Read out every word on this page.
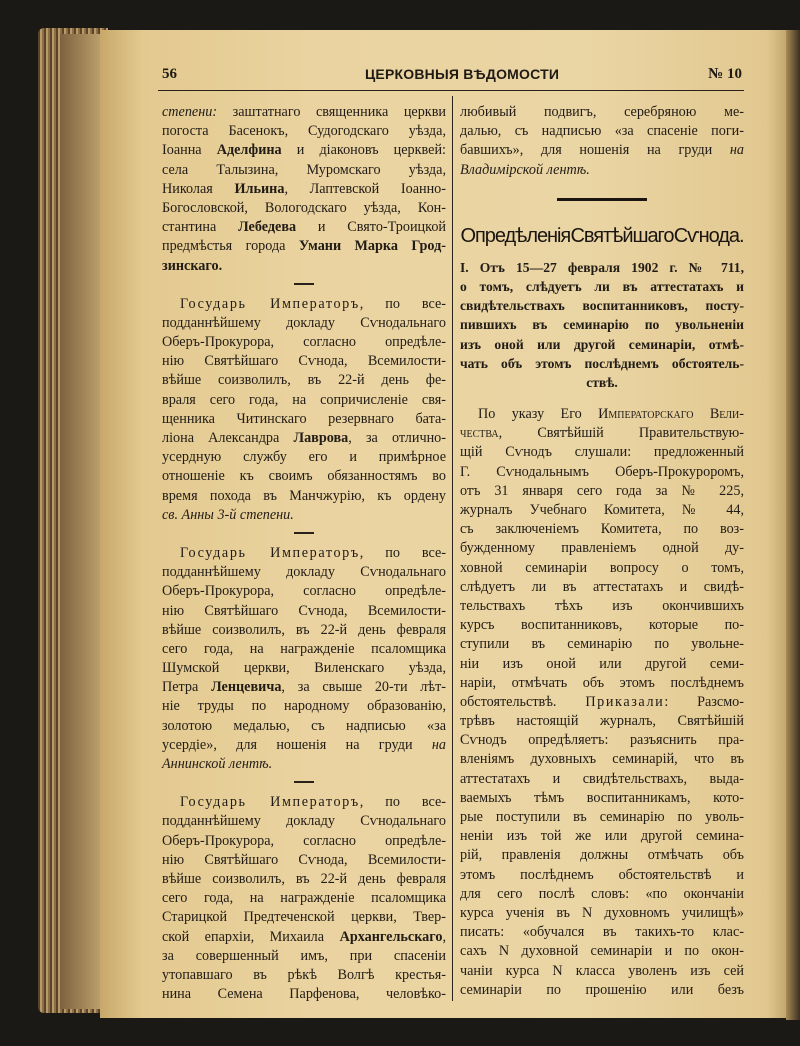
56	ЦЕРКОВНЫЯ ВѢДОМОСТИ	№ 10
степени: заштатнаго священника церкви
погоста Басенокъ, Судогодскаго уѣзда,
Іоанна Аделфина и діаконовъ церквей:
села Талызина, Муромскаго уѣзда,
Николая Ильина, Лаптевской Іоанно-
Богословской, Вологодскаго уѣзда, Кон-
стантина Лебедева и Свято-Троицкой
предмѣстья города Умани Марка Грод-
зинскаго.
Государь Императоръ, по все-
подданнѣйшему докладу Сѵнодальнаго
Оберъ-Прокурора, согласно опредѣле-
нію Святѣйшаго Сѵнода, Всемилости-
вѣйше соизволилъ, въ 22-й день фе-
враля сего года, на сопричисленіе свя-
щенника Читинскаго резервнаго бата-
ліона Александра Лаврова, за отлично-
усердную службу его и примѣрное
отношеніе къ своимъ обязанностямъ во
время похода въ Манчжурію, къ ордену
св. Анны 3-й степени.
Государь Императоръ, по все-
подданнѣйшему докладу Сѵнодальнаго
Оберъ-Прокурора, согласно опредѣле-
нію Святѣйшаго Сѵнода, Всемилости-
вѣйше соизволилъ, въ 22-й день февраля
сего года, на награжденіе псаломщика
Шумской церкви, Виленскаго уѣзда,
Петра Ленцевича, за свыше 20-ти лѣт-
ніе труды по народному образованію,
золотою медалью, съ надписью «за
усердіе», для ношенія на груди на
Аннинской лентѣ.
Государь Императоръ, по все-
подданнѣйшему докладу Сѵнодальнаго
Оберъ-Прокурора, согласно опредѣле-
нію Святѣйшаго Сѵнода, Всемилости-
вѣйше соизволилъ, въ 22-й день февраля
сего года, на награжденіе псаломщика
Старицкой Предтеченской церкви, Твер-
ской епархіи, Михаила Архангельскаго,
за совершенный имъ, при спасеніи
утопавшаго въ рѣкѣ Волгѣ крестья-
нина Семена Парфенова, человѣко-
любивый подвигъ, серебряною ме-
далью, съ надписью «за спасеніе поги-
бавшихъ», для ношенія на груди на
Владимірской лентѣ.
Опредѣленія Святѣйшаго Сѵнода.
I. Отъ 15—27 февраля 1902 г. № 711,
о томъ, слѣдуетъ ли въ аттестатахъ и
свидѣтельствахъ воспитанниковъ, посту-
пившихъ въ семинарію по увольненіи
изъ оной или другой семинаріи, отмѣ-
чать объ этомъ послѣднемъ обстоятель-
ствѣ.
По указу Его Императорскаго Вели-
чества, Святѣйшій Правительствую-
щій Сѵнодъ слушали: предложенный
Г. Сѵнодальнымъ Оберъ-Прокуроромъ,
отъ 31 января сего года за № 225,
журналъ Учебнаго Комитета, № 44,
съ заключеніемъ Комитета, по воз-
бужденному правленіемъ одной ду-
ховной семинаріи вопросу о томъ,
слѣдуетъ ли въ аттестатахъ и свидѣ-
тельствахъ тѣхъ изъ окончившихъ
курсъ воспитанниковъ, которые по-
ступили въ семинарію по увольне-
ніи изъ оной или другой семи-
наріи, отмѣчать объ этомъ послѣднемъ
обстоятельствѣ. Приказали: Разсмо-
трѣвъ настоящій журналъ, Святѣйшій
Сѵнодъ опредѣляетъ: разъяснить пра-
вленіямъ духовныхъ семинарій, что въ
аттестатахъ и свидѣтельствахъ, выда-
ваемыхъ тѣмъ воспитанникамъ, кото-
рые поступили въ семинарію по уволь-
неніи изъ той же или другой семина-
рій, правленія должны отмѣчать объ
этомъ послѣднемъ обстоятельствѣ и
для сего послѣ словъ: «по окончаніи
курса ученія въ N духовномъ училищѣ»
писать: «обучался въ такихъ-то клас-
сахъ N духовной семинаріи и по окон-
чаніи курса N класса уволенъ изъ сей
семинаріи по прошенію или безъ
